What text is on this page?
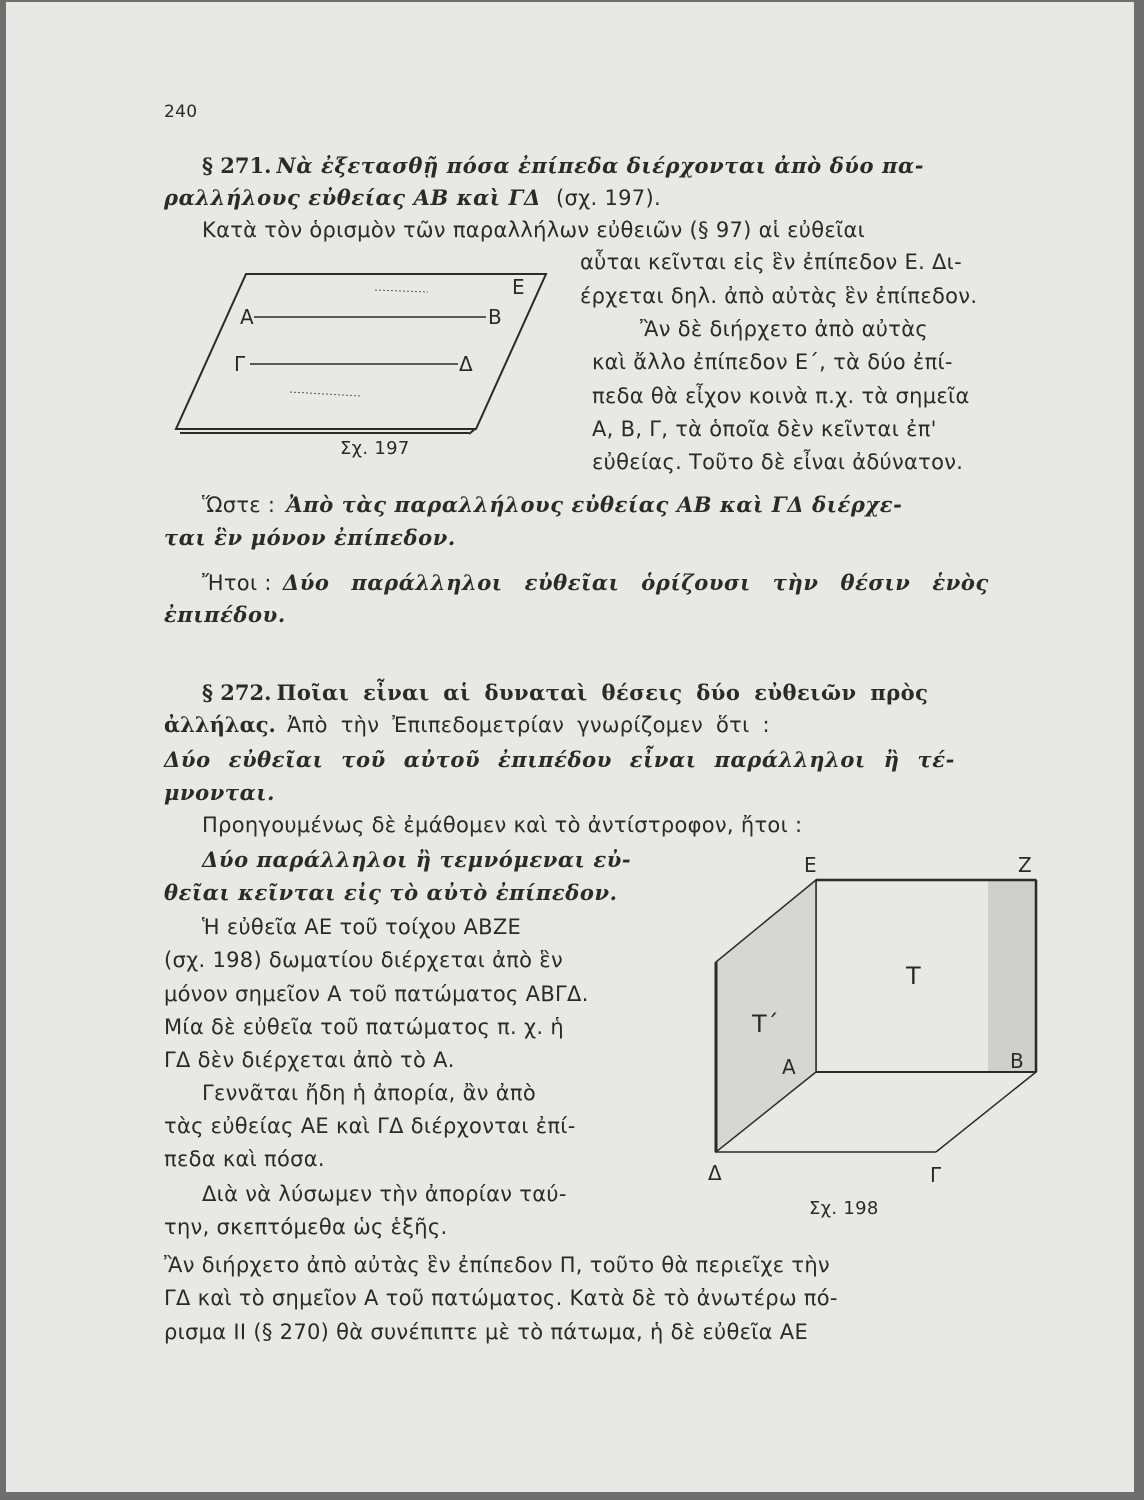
240
§ 271. Νὰ ἐξετασθῇ πόσα ἐπίπεδα διέρχονται ἀπὸ δύο πα-
ραλλήλους εὐθείας ΑΒ καὶ ΓΔ (σχ. 197).
Κατὰ τὸν ὁρισμὸν τῶν παραλλήλων εὐθειῶν (§ 97) αἱ εὐθεῖαι
αὗται κεῖνται εἰς ἓν ἐπίπεδον Ε. Δι-
έρχεται δηλ. ἀπὸ αὐτὰς ἓν ἐπίπεδον.
Ἂν δὲ διήρχετο ἀπὸ αὐτὰς
καὶ ἄλλο ἐπίπεδον Ε΄, τὰ δύο ἐπί-
πεδα θὰ εἶχον κοινὰ π.χ. τὰ σημεῖα
Α, Β, Γ, τὰ ὁποῖα δὲν κεῖνται ἐπ'
εὐθείας. Τοῦτο δὲ εἶναι ἀδύνατον.
Ε
Α	Β
Γ	Δ
Σχ. 197
Ὥστε : Ἀπὸ τὰς παραλλήλους εὐθείας ΑΒ καὶ ΓΔ διέρχε-
ται ἓν μόνον ἐπίπεδον.
Ἤτοι : Δύο παράλληλοι εὐθεῖαι ὁρίζουσι τὴν θέσιν ἑνὸς
ἐπιπέδου.
§ 272. Ποῖαι εἶναι αἱ δυναταὶ θέσεις δύο εὐθειῶν πρὸς
ἀλλήλας. Ἀπὸ τὴν Ἐπιπεδομετρίαν γνωρίζομεν ὅτι :
Δύο εὐθεῖαι τοῦ αὐτοῦ ἐπιπέδου εἶναι παράλληλοι ἢ τέ-
μνονται.
Προηγουμένως δὲ ἐμάθομεν καὶ τὸ ἀντίστροφον, ἤτοι :
Δύο παράλληλοι ἢ τεμνόμεναι εὐ-
θεῖαι κεῖνται εἰς τὸ αὐτὸ ἐπίπεδον.
Ἡ εὐθεῖα ΑΕ τοῦ τοίχου ΑΒΖΕ
(σχ. 198) δωματίου διέρχεται ἀπὸ ἓν
μόνον σημεῖον Α τοῦ πατώματος ΑΒΓΔ.
Μία δὲ εὐθεῖα τοῦ πατώματος π. χ. ἡ
ΓΔ δὲν διέρχεται ἀπὸ τὸ Α.
Γεννᾶται ἤδη ἡ ἀπορία, ἂν ἀπὸ
τὰς εὐθείας ΑΕ καὶ ΓΔ διέρχονται ἐπί-
πεδα καὶ πόσα.
Διὰ νὰ λύσωμεν τὴν ἀπορίαν ταύ-
την, σκεπτόμεθα ὡς ἑξῆς.
Ε	Ζ
Τ
Τ΄
Α	Β
Δ	Γ
Σχ. 198
Ἂν διήρχετο ἀπὸ αὐτὰς ἓν ἐπίπεδον Π, τοῦτο θὰ περιεῖχε τὴν
ΓΔ καὶ τὸ σημεῖον Α τοῦ πατώματος. Κατὰ δὲ τὸ ἀνωτέρω πό-
ρισμα ΙΙ (§ 270) θὰ συνέπιπτε μὲ τὸ πάτωμα, ἡ δὲ εὐθεῖα ΑΕ
